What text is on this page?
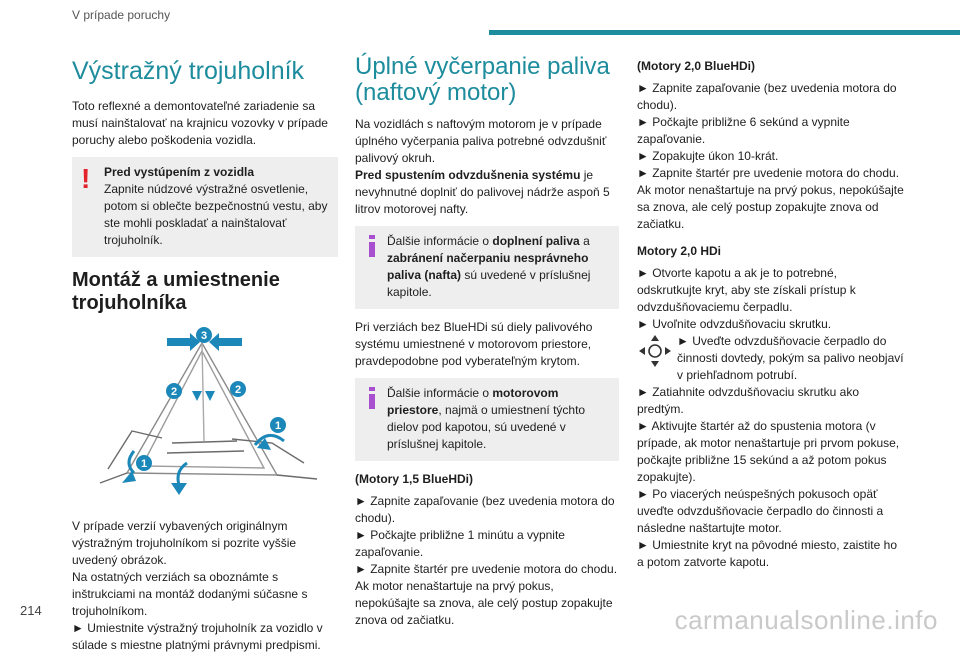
V prípade poruchy
Výstražný trojuholník

Toto reflexné a demontovateľné zariadenie sa musí nainštalovať na krajnicu vozovky v prípade poruchy alebo poškodenia vozidla.

! Pred vystúpením z vozidla
Zapnite núdzové výstražné osvetlenie, potom si oblečte bezpečnostnú vestu, aby ste mohli poskladať a nainštalovať trojuholník.
Montáž a umiestnenie trojuholníka
3
2	2
1
1

V prípade verzií vybavených originálnym výstražným trojuholníkom si pozrite vyššie uvedený obrázok.

Na ostatných verziách sa oboznámte s inštrukciami na montáž dodanými súčasne s trojuholníkom.

► Umiestnite výstražný trojuholník za vozidlo v súlade s miestne platnými právnymi predpismi.

Úplné vyčerpanie paliva (naftový motor)

Na vozidlách s naftovým motorom je v prípade úplného vyčerpania paliva potrebné odvzdušniť palivový okruh.

Pred spustením odvzdušnenia systému je nevyhnutné doplniť do palivovej nádrže aspoň 5 litrov motorovej nafty.

Ďalšie informácie o doplnení paliva a zabránení načerpaniu nesprávneho paliva (nafta) sú uvedené v príslušnej kapitole.

Pri verziách bez BlueHDi sú diely palivového systému umiestnené v motorovom priestore, pravdepodobne pod vyberateľným krytom.

Ďalšie informácie o motorovom priestore, najmä o umiestnení týchto dielov pod kapotou, sú uvedené v príslušnej kapitole.
(Motory 1,5 BlueHDi)
► Zapnite zapaľovanie (bez uvedenia motora do chodu).
► Počkajte približne 1 minútu a vypnite zapaľovanie.
► Zapnite štartér pre uvedenie motora do chodu.
Ak motor nenaštartuje na prvý pokus, nepokúšajte sa znova, ale celý postup zopakujte znova od začiatku.
(Motory 2,0 BlueHDi)
► Zapnite zapaľovanie (bez uvedenia motora do chodu).
► Počkajte približne 6 sekúnd a vypnite zapaľovanie.
► Zopakujte úkon 10-krát.
► Zapnite štartér pre uvedenie motora do chodu.
Ak motor nenaštartuje na prvý pokus, nepokúšajte sa znova, ale celý postup zopakujte znova od začiatku.
Motory 2,0 HDi
► Otvorte kapotu a ak je to potrebné, odskrutkujte kryt, aby ste získali prístup k odvzdušňovaciemu čerpadlu.
► Uvoľnite odvzdušňovaciu skrutku.
► Uveďte odvzdušňovacie čerpadlo do činnosti dovtedy, pokým sa palivo neobjaví v priehľadnom potrubí.
► Zatiahnite odvzdušňovaciu skrutku ako predtým.
► Aktivujte štartér až do spustenia motora (v prípade, ak motor nenaštartuje pri prvom pokuse, počkajte približne 15 sekúnd a až potom pokus zopakujte).
► Po viacerých neúspešných pokusoch opäť uveďte odvzdušňovacie čerpadlo do činnosti a následne naštartujte motor.
► Umiestnite kryt na pôvodné miesto, zaistite ho a potom zatvorte kapotu.
214	carmanualsonline.info
